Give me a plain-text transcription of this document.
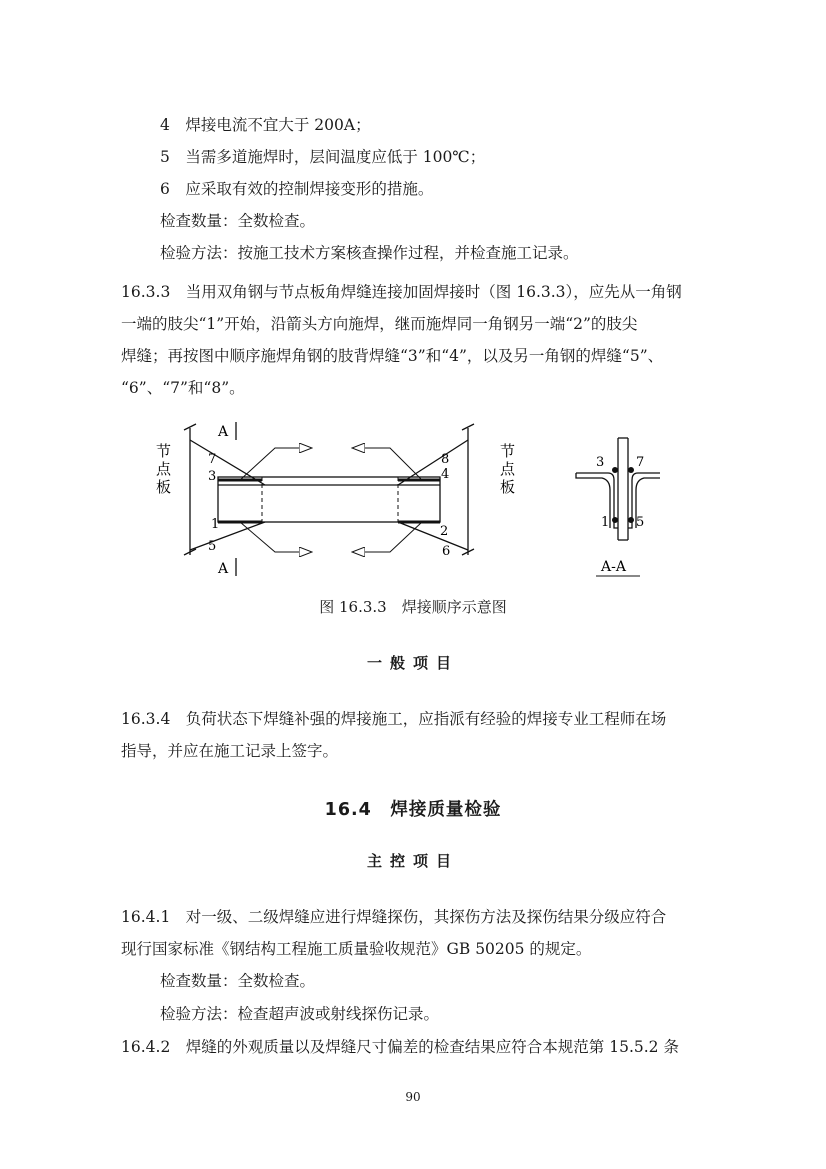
4　焊接电流不宜大于 200A；
5　当需多道施焊时，层间温度应低于 100℃；
6　应采取有效的控制焊接变形的措施。
检查数量：全数检查。
检验方法：按施工技术方案核查操作过程，并检查施工记录。
16.3.3　当用双角钢与节点板角焊缝连接加固焊接时（图 16.3.3），应先从一角钢
一端的肢尖“1”开始，沿箭头方向施焊，继而施焊同一角钢另一端“2”的肢尖
焊缝；再按图中顺序施焊角钢的肢背焊缝“3”和“4”，以及另一角钢的焊缝“5”、
“6”、“7”和“8”。
A
A
节
点
板
节
点
板
7
3
1
5
8
4
2
6
3 7
1 5
A-A
图 16.3.3　焊接顺序示意图
一般项目
16.3.4　负荷状态下焊缝补强的焊接施工，应指派有经验的焊接专业工程师在场
指导，并应在施工记录上签字。
16.4　焊接质量检验
主控项目
16.4.1　对一级、二级焊缝应进行焊缝探伤，其探伤方法及探伤结果分级应符合
现行国家标准《钢结构工程施工质量验收规范》GB 50205 的规定。
检查数量：全数检查。
检验方法：检查超声波或射线探伤记录。
16.4.2　焊缝的外观质量以及焊缝尺寸偏差的检查结果应符合本规范第 15.5.2 条
90
